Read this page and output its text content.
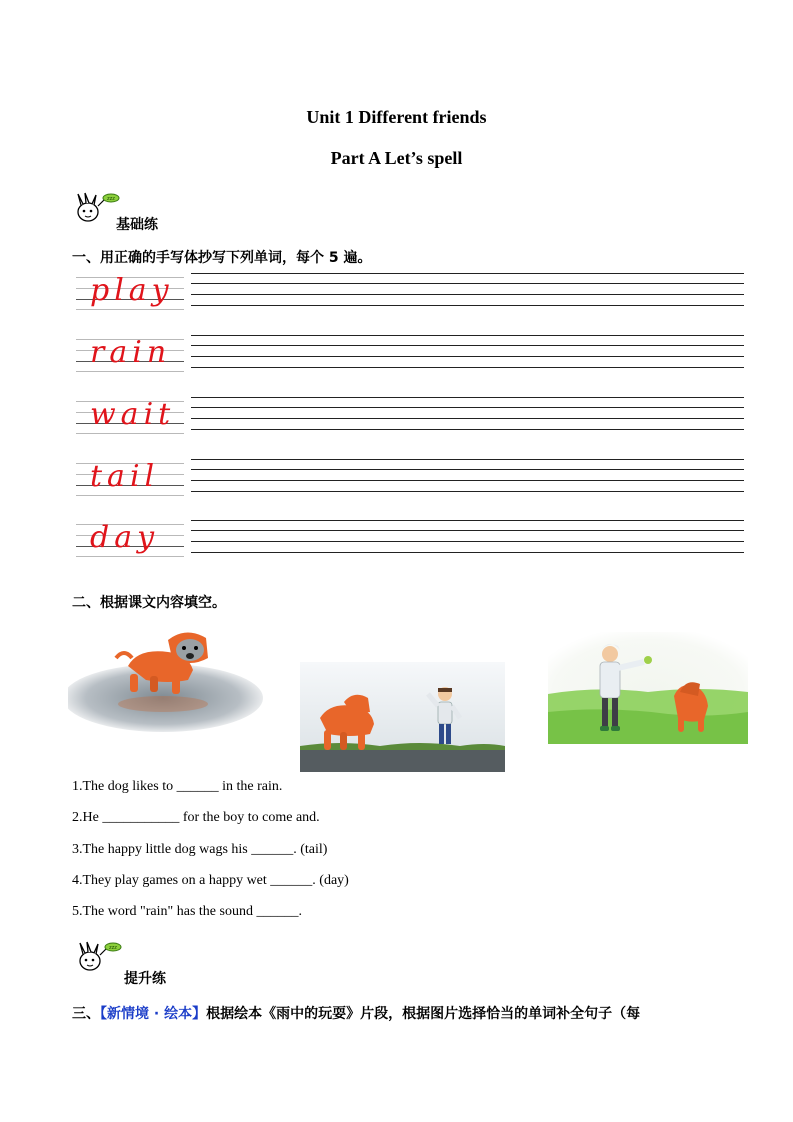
Unit 1 Different friends
Part A Let’s spell
zzz
基础练
一、用正确的手写体抄写下列单词，每个 5 遍。
play
rain
wait
tail
day
二、根据课文内容填空。
1.The dog likes to ______ in the rain.
2.He ___________ for the boy to come and.
3.The happy little dog wags his ______. (tail)
4.They play games on a happy wet ______. (day)
5.The word "rain" has the sound ______.
zzz
提升练
三、【新情境 · 绘本】根据绘本《雨中的玩耍》片段，根据图片选择恰当的单词补全句子（每
